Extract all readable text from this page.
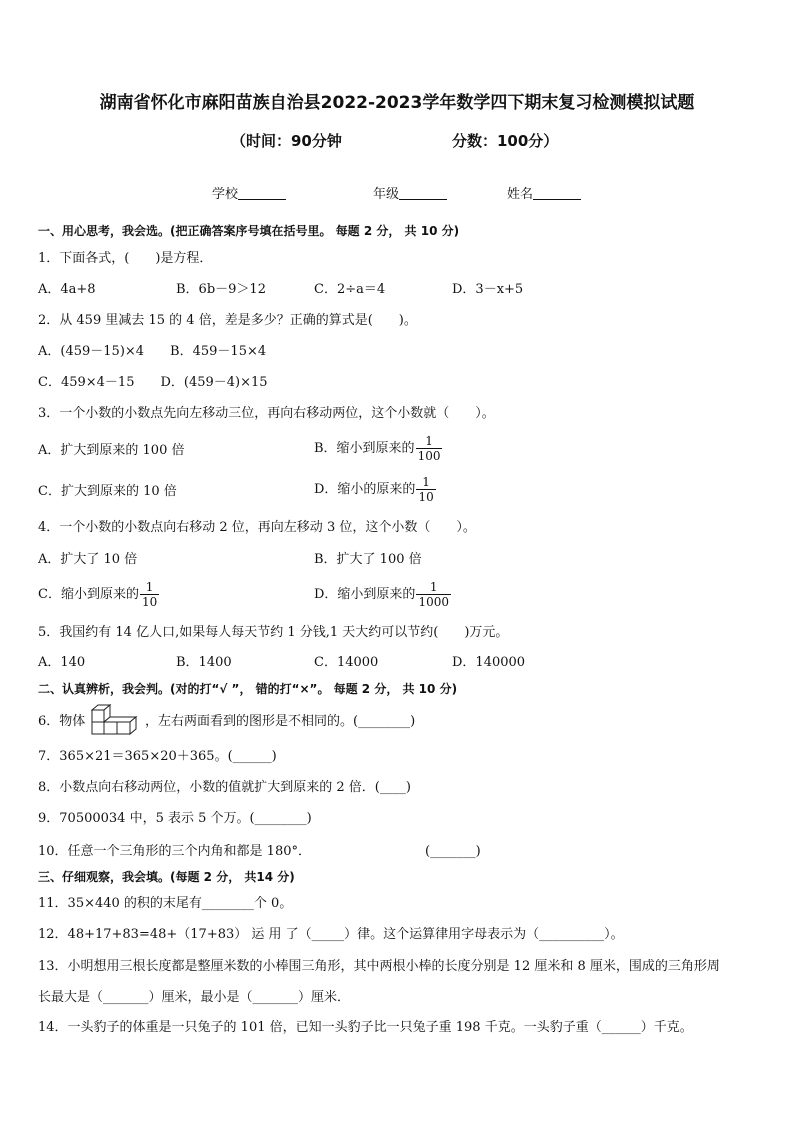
湖南省怀化市麻阳苗族自治县2022-2023学年数学四下期末复习检测模拟试题
（时间：90分钟	分数：100分）
学校	年级	姓名
一、用心思考，我会选。(把正确答案序号填在括号里。 每题 2 分， 共 10 分)
1．下面各式，(　　)是方程．
A．4a+8	B．6b－9＞12	C．2÷a＝4	D．3－x+5
2．从 459 里减去 15 的 4 倍，差是多少？正确的算式是(　　)。
A．(459－15)×4　　B．459－15×4
C．459×4－15　　D．(459－4)×15
3．一个小数的小数点先向左移动三位，再向右移动两位，这个小数就（　　）。
A．扩大到原来的 100 倍	B．缩小到原来的 $\frac{1}{100}$
C．扩大到原来的 10 倍	D．缩小的原来的 $\frac{1}{10}$
4．一个小数的小数点向右移动 2 位，再向左移动 3 位，这个小数（　　）。
A．扩大了 10 倍	B．扩大了 100 倍
C．缩小到原来的 $\frac{1}{10}$	D．缩小到原来的 $\frac{1}{1000}$
5．我国约有 14 亿人口,如果每人每天节约 1 分钱,1 天大约可以节约(　　)万元。
A．140	B．1400	C．14000	D．140000
二、认真辨析，我会判。(对的打“√ ”， 错的打“×”。 每题 2 分， 共 10 分)
6．物体	，左右两面看到的图形是不相同的。(________)
7．365×21＝365×20＋365。(______)
8．小数点向右移动两位，小数的值就扩大到原来的 2 倍．(____)
9．70500034 中，5 表示 5 个万。(________)
10．任意一个三角形的三个内角和都是 180°．	(_______)
三、仔细观察，我会填。(每题 2 分， 共14 分)
11．35×440 的积的末尾有________个 0。
12．48+17+83=48+（17+83） 运 用 了（_____）律。这个运算律用字母表示为（__________）。
13．小明想用三根长度都是整厘米数的小棒围三角形，其中两根小棒的长度分别是 12 厘米和 8 厘米，围成的三角形周
长最大是（_______）厘米，最小是（_______）厘米．
14．一头豹子的体重是一只兔子的 101 倍，已知一头豹子比一只兔子重 198 千克。一头豹子重（______）千克。
